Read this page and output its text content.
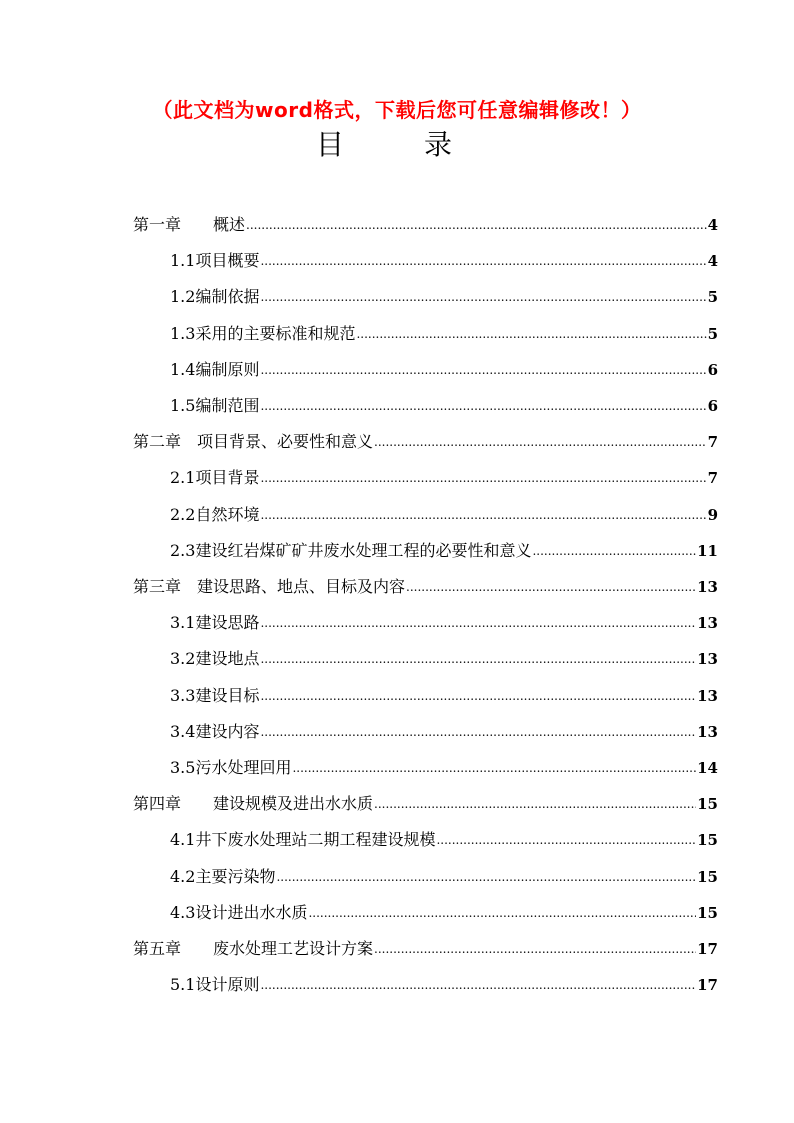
（此文档为word格式，下载后您可任意编辑修改！）
目　录
第一章　　概述 .....	4
1.1项目概要 .....	4
1.2编制依据 .....	5
1.3采用的主要标准和规范 .....	5
1.4编制原则 .....	6
1.5编制范围 .....	6
第二章　项目背景、必要性和意义 .....	7
2.1项目背景 .....	7
2.2自然环境 .....	9
2.3建设红岩煤矿矿井废水处理工程的必要性和意义 .....	11
第三章　建设思路、地点、目标及内容 .....	13
3.1建设思路 .....	13
3.2建设地点 .....	13
3.3建设目标 .....	13
3.4建设内容 .....	13
3.5污水处理回用 .....	14
第四章　　建设规模及进出水水质 .....	15
4.1井下废水处理站二期工程建设规模 .....	15
4.2主要污染物 .....	15
4.3设计进出水水质 .....	15
第五章　　废水处理工艺设计方案 .....	17
5.1设计原则 .....	17
